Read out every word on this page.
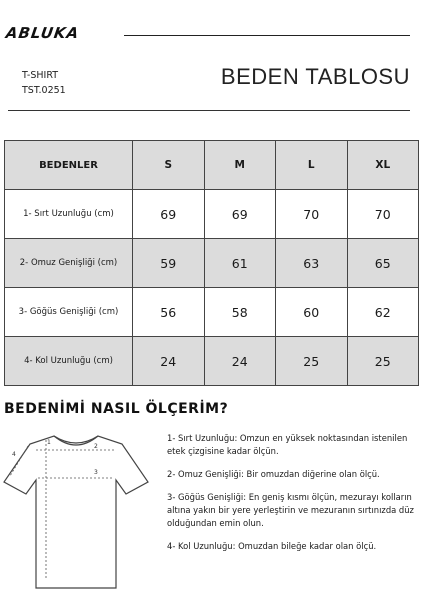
ABLUKA
T-SHIRT
TST.0251
BEDEN TABLOSU
BEDENLER	S	M	L	XL
1- Sırt Uzunluğu (cm)	69	69	70	70
2- Omuz Genişliği (cm)	59	61	63	65
3- Göğüs Genişliği (cm)	56	58	60	62
4- Kol Uzunluğu (cm)	24	24	25	25
BEDENİMİ NASIL ÖLÇERİM?
1
2
3
4
1- Sırt Uzunluğu: Omzun en yüksek noktasından istenilen etek çizgisine kadar ölçün.
2- Omuz Genişliği: Bir omuzdan diğerine olan ölçü.
3- Göğüs Genişliği: En geniş kısmı ölçün, mezurayı kolların altına yakın bir yere yerleştirin ve mezuranın sırtınızda düz olduğundan emin olun.
4- Kol Uzunluğu: Omuzdan bileğe kadar olan ölçü.
